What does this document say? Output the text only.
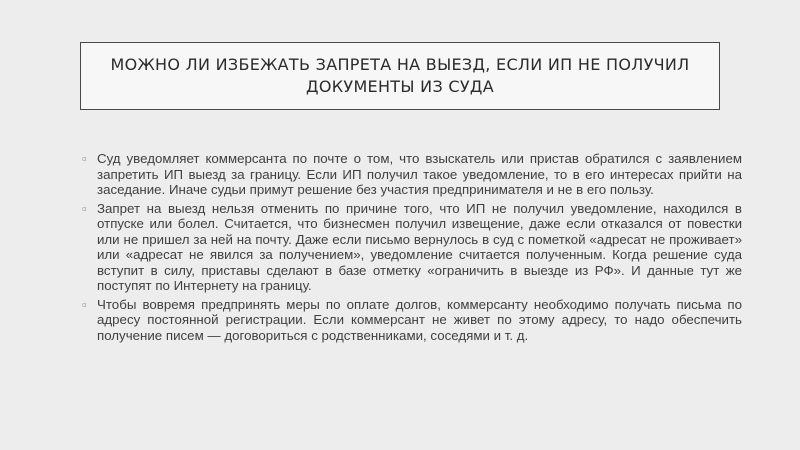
МОЖНО ЛИ ИЗБЕЖАТЬ ЗАПРЕТА НА ВЫЕЗД, ЕСЛИ ИП НЕ ПОЛУЧИЛ ДОКУМЕНТЫ ИЗ СУДА
▫ Суд уведомляет коммерсанта по почте о том, что взыскатель или пристав обратился с заявлением запретить ИП выезд за границу. Если ИП получил такое уведомление, то в его интересах прийти на заседание. Иначе судьи примут решение без участия предпринимателя и не в его пользу.
▫ Запрет на выезд нельзя отменить по причине того, что ИП не получил уведомление, находился в отпуске или болел. Считается, что бизнесмен получил извещение, даже если отказался от повестки или не пришел за ней на почту. Даже если письмо вернулось в суд с пометкой «адресат не проживает» или «адресат не явился за получением», уведомление считается полученным. Когда решение суда вступит в силу, приставы сделают в базе отметку «ограничить в выезде из РФ». И данные тут же поступят по Интернету на границу.
▫ Чтобы вовремя предпринять меры по оплате долгов, коммерсанту необходимо получать письма по адресу постоянной регистрации. Если коммерсант не живет по этому адресу, то надо обеспечить получение писем — договориться с родственниками, соседями и т. д.
